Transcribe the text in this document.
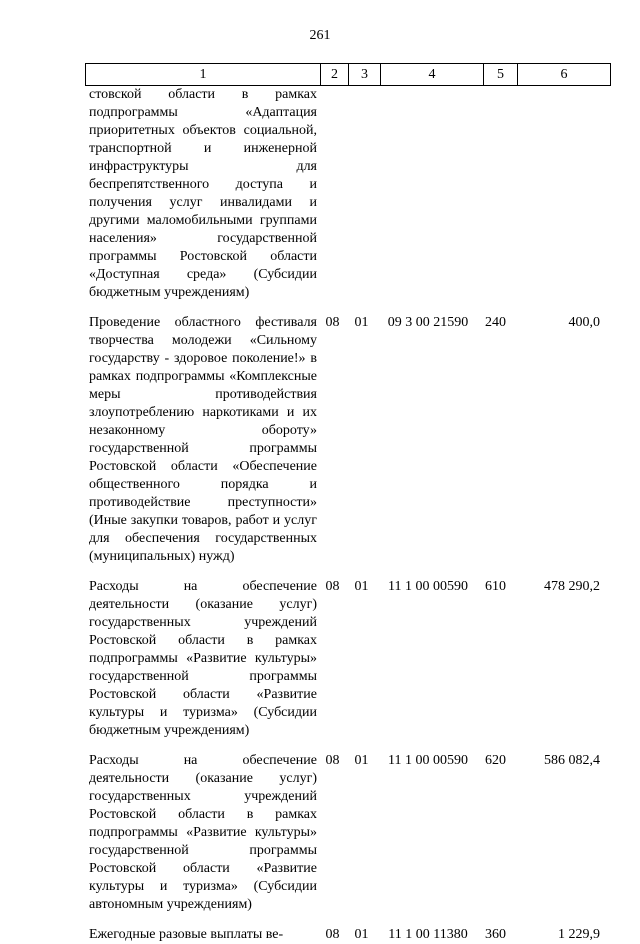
261
1	2	3	4	5	6
стовской области в рамках подпрограммы «Адаптация приоритетных объектов социальной, транспортной и инженерной инфраструктуры для беспрепятственного доступа и получения услуг инвалидами и другими маломобильными группами населения» государственной программы Ростовской области «Доступная среда» (Субсидии бюджетным учреждениям)					
Проведение областного фестиваля творчества молодежи «Сильному государству - здоровое поколение!» в рамках подпрограммы «Комплексные меры противодействия злоупотреблению наркотиками и их незаконному обороту» государственной программы Ростовской области «Обеспечение общественного порядка и противодействие преступности» (Иные закупки товаров, работ и услуг для обеспечения государственных (муниципальных) нужд)	08	01	09 3 00 21590	240	400,0
Расходы на обеспечение деятельности (оказание услуг) государственных учреждений Ростовской области в рамках подпрограммы «Развитие культуры» государственной программы Ростовской области «Развитие культуры и туризма» (Субсидии бюджетным учреждениям)	08	01	11 1 00 00590	610	478 290,2
Расходы на обеспечение деятельности (оказание услуг) государственных учреждений Ростовской области в рамках подпрограммы «Развитие культуры» государственной программы Ростовской области «Развитие культуры и туризма» (Субсидии автономным учреждениям)	08	01	11 1 00 00590	620	586 082,4
Ежегодные разовые выплаты ве-	08	01	11 1 00 11380	360	1 229,9
